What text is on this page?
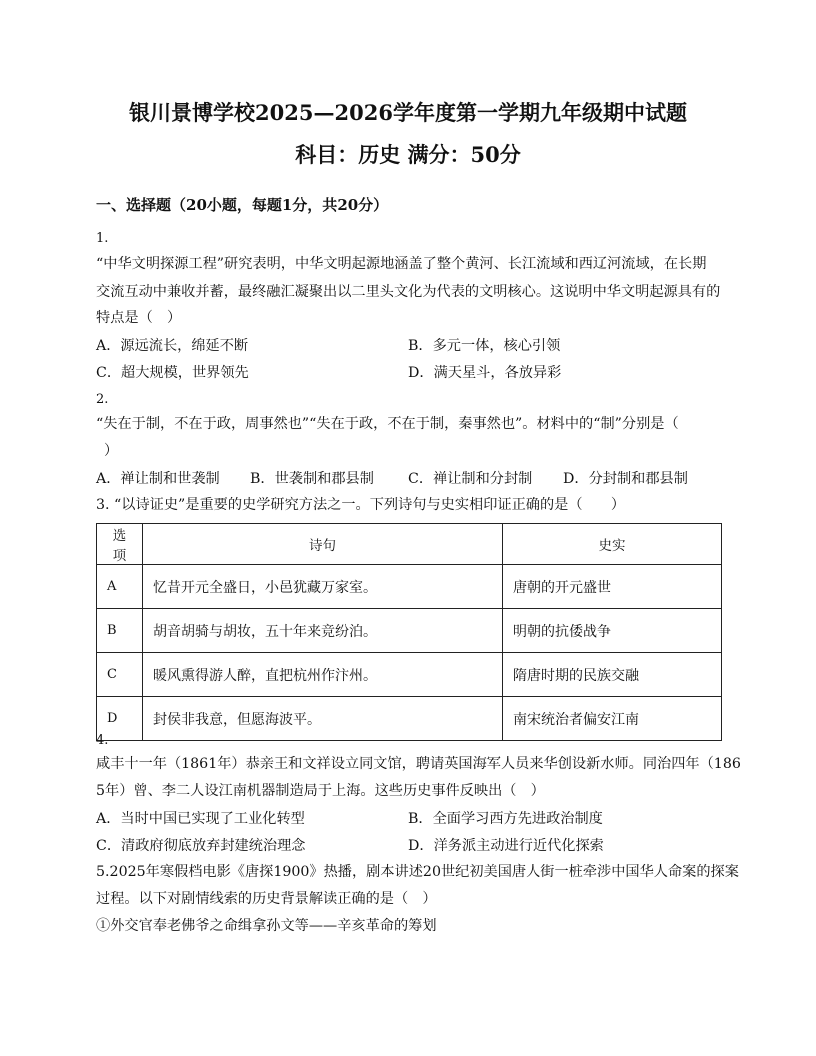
银川景博学校2025—2026学年度第一学期九年级期中试题
科目：历史 满分：50分
一、选择题（20小题，每题1分，共20分）
1.
“中华文明探源工程”研究表明，中华文明起源地涵盖了整个黄河、长江流域和西辽河流域，在长期
交流互动中兼收并蓄，最终融汇凝聚出以二里头文化为代表的文明核心。这说明中华文明起源具有的
特点是（　）
A．源远流长，绵延不断	B．多元一体，核心引领
C．超大规模，世界领先	D．满天星斗，各放异彩
2.
“失在于制，不在于政，周事然也”“失在于政，不在于制，秦事然也”。材料中的“制”分别是（
）
A．禅让制和世袭制 B．世袭制和郡县制 C．禅让制和分封制 D．分封制和郡县制
3. “以诗证史”是重要的史学研究方法之一。下列诗句与史实相印证正确的是（　　）
选项	诗句	史实
A	忆昔开元全盛日，小邑犹藏万家室。	唐朝的开元盛世
B	胡音胡骑与胡妆，五十年来竞纷泊。	明朝的抗倭战争
C	暖风熏得游人醉，直把杭州作汴州。	隋唐时期的民族交融
D	封侯非我意，但愿海波平。	南宋统治者偏安江南
4.
咸丰十一年（1861年）恭亲王和文祥设立同文馆，聘请英国海军人员来华创设新水师。同治四年（186
5年）曾、李二人设江南机器制造局于上海。这些历史事件反映出（　）
A．当时中国已实现了工业化转型	B．全面学习西方先进政治制度
C．清政府彻底放弃封建统治理念	D．洋务派主动进行近代化探索
5.2025年寒假档电影《唐探1900》热播，剧本讲述20世纪初美国唐人街一桩牵涉中国华人命案的探案
过程。以下对剧情线索的历史背景解读正确的是（　）
①外交官奉老佛爷之命缉拿孙文等——辛亥革命的筹划
